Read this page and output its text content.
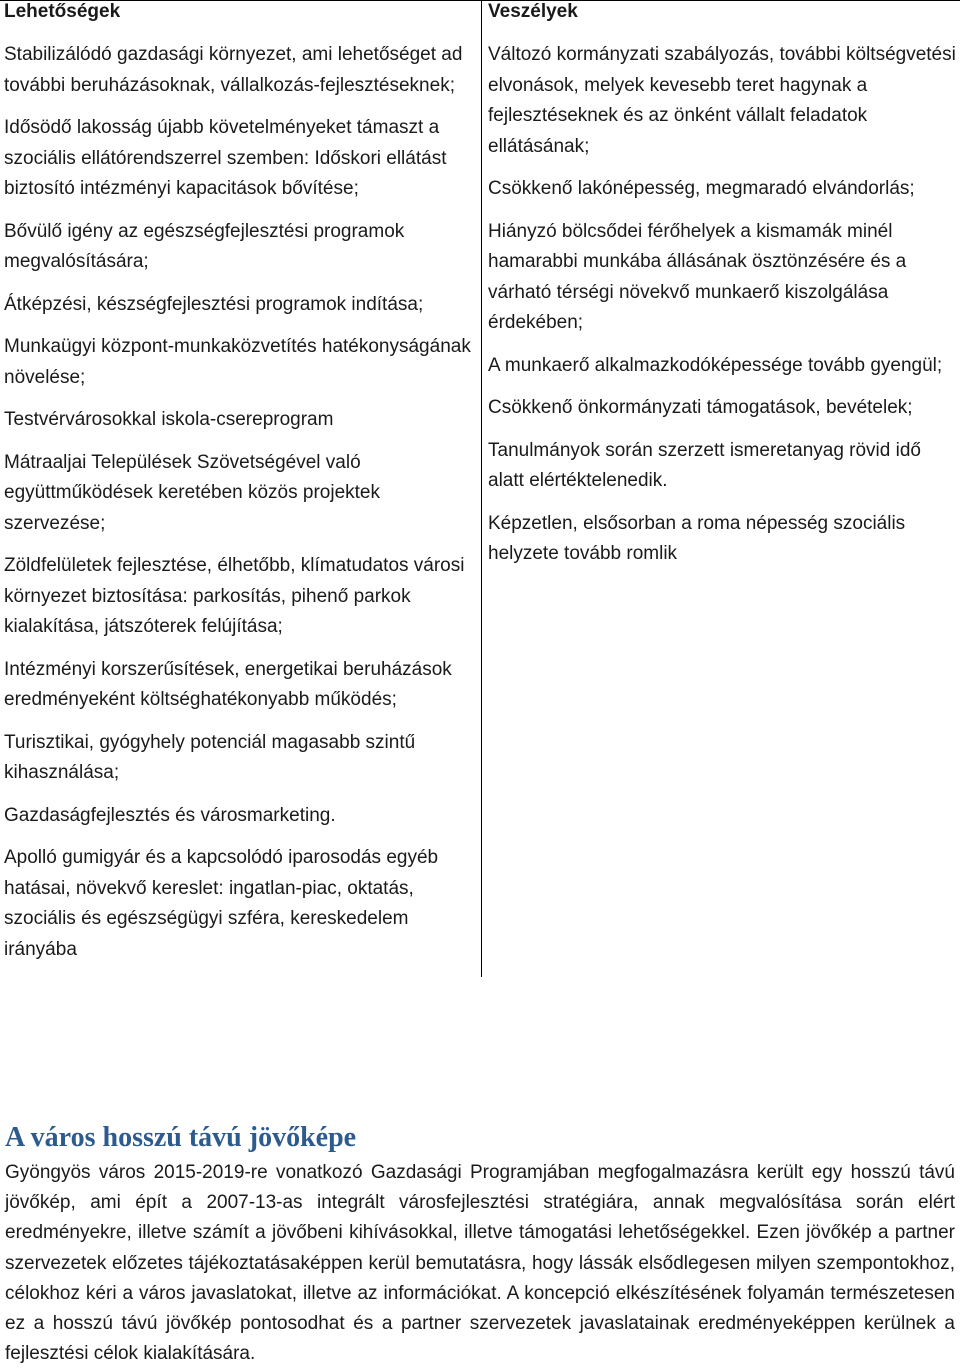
Lehetőségek
Stabilizálódó gazdasági környezet, ami lehetőséget ad további beruházásoknak, vállalkozás-fejlesztéseknek;
Idősödő lakosság újabb követelményeket támaszt a szociális ellátórendszerrel szemben: Időskori ellátást biztosító intézményi kapacitások bővítése;
Bővülő igény az egészségfejlesztési programok megvalósítására;
Átképzési, készségfejlesztési programok indítása;
Munkaügyi központ-munkaközvetítés hatékonyságának növelése;
Testvérvárosokkal iskola-csereprogram
Mátraaljai Települések Szövetségével való együttműködések keretében közös projektek szervezése;
Zöldfelületek fejlesztése, élhetőbb, klímatudatos városi környezet biztosítása: parkosítás, pihenő parkok kialakítása, játszóterek felújítása;
Intézményi korszerűsítések, energetikai beruházások eredményeként költséghatékonyabb működés;
Turisztikai, gyógyhely potenciál magasabb szintű kihasználása;
Gazdaságfejlesztés és városmarketing.
Apolló gumigyár és a kapcsolódó iparosodás egyéb hatásai, növekvő kereslet: ingatlan-piac, oktatás, szociális és egészségügyi szféra, kereskedelem irányába
Veszélyek
Változó kormányzati szabályozás, további költségvetési elvonások, melyek kevesebb teret hagynak a fejlesztéseknek és az önként vállalt feladatok ellátásának;
Csökkenő lakónépesség, megmaradó elvándorlás;
Hiányzó bölcsődei férőhelyek a kismamák minél hamarabbi munkába állásának ösztönzésére és a várható térségi növekvő munkaerő kiszolgálása érdekében;
A munkaerő alkalmazkodóképessége tovább gyengül;
Csökkenő önkormányzati támogatások, bevételek;
Tanulmányok során szerzett ismeretanyag rövid idő alatt elértéktelenedik.
Képzetlen, elsősorban a roma népesség szociális helyzete tovább romlik
A város hosszú távú jövőképe

Gyöngyös város 2015-2019-re vonatkozó Gazdasági Programjában megfogalmazásra került egy hosszú távú jövőkép, ami épít a 2007-13-as integrált városfejlesztési stratégiára, annak megvalósítása során elért eredményekre, illetve számít a jövőbeni kihívásokkal, illetve támogatási lehetőségekkel. Ezen jövőkép a partner szervezetek előzetes tájékoztatásaképpen kerül bemutatásra, hogy lássák elsődlegesen milyen szempontokhoz, célokhoz kéri a város javaslatokat, illetve az információkat. A koncepció elkészítésének folyamán természetesen ez a hosszú távú jövőkép pontosodhat és a partner szervezetek javaslatainak eredményeképpen kerülnek a fejlesztési célok kialakítására.
